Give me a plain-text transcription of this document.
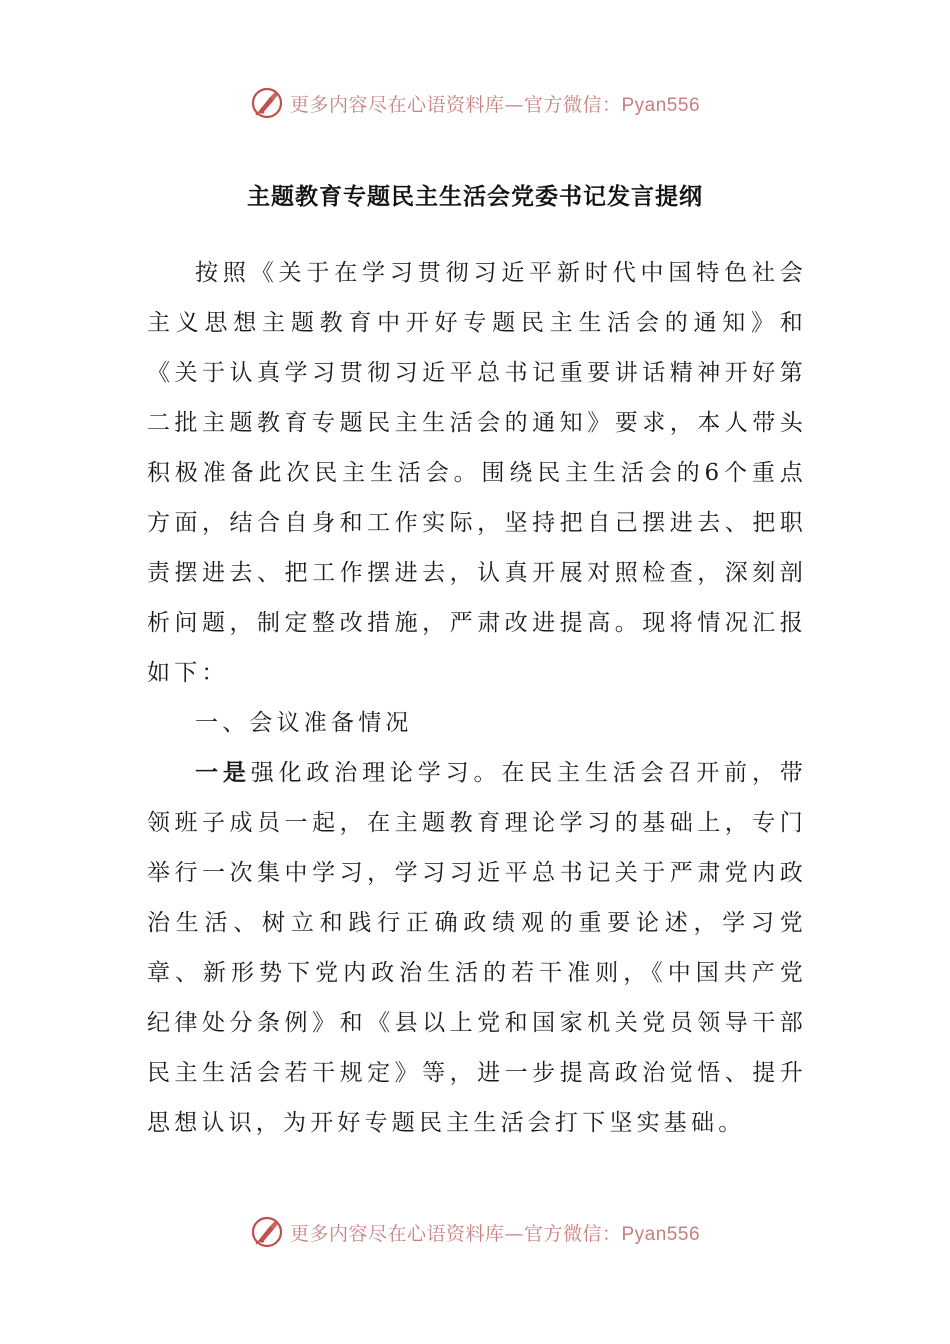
更多内容尽在心语资料库—官方微信：Pyan556
主题教育专题民主生活会党委书记发言提纲

按照《关于在学习贯彻习近平新时代中国特色社会主义思想主题教育中开好专题民主生活会的通知》和《关于认真学习贯彻习近平总书记重要讲话精神开好第二批主题教育专题民主生活会的通知》要求，本人带头积极准备此次民主生活会。围绕民主生活会的6个重点方面，结合自身和工作实际，坚持把自己摆进去、把职责摆进去、把工作摆进去，认真开展对照检查，深刻剖析问题，制定整改措施，严肃改进提高。现将情况汇报如下：

一、会议准备情况

一是强化政治理论学习。在民主生活会召开前，带领班子成员一起，在主题教育理论学习的基础上，专门举行一次集中学习，学习习近平总书记关于严肃党内政治生活、树立和践行正确政绩观的重要论述，学习党章、新形势下党内政治生活的若干准则，《中国共产党纪律处分条例》和《县以上党和国家机关党员领导干部民主生活会若干规定》等，进一步提高政治觉悟、提升思想认识，为开好专题民主生活会打下坚实基础。

更多内容尽在心语资料库—官方微信：Pyan556
